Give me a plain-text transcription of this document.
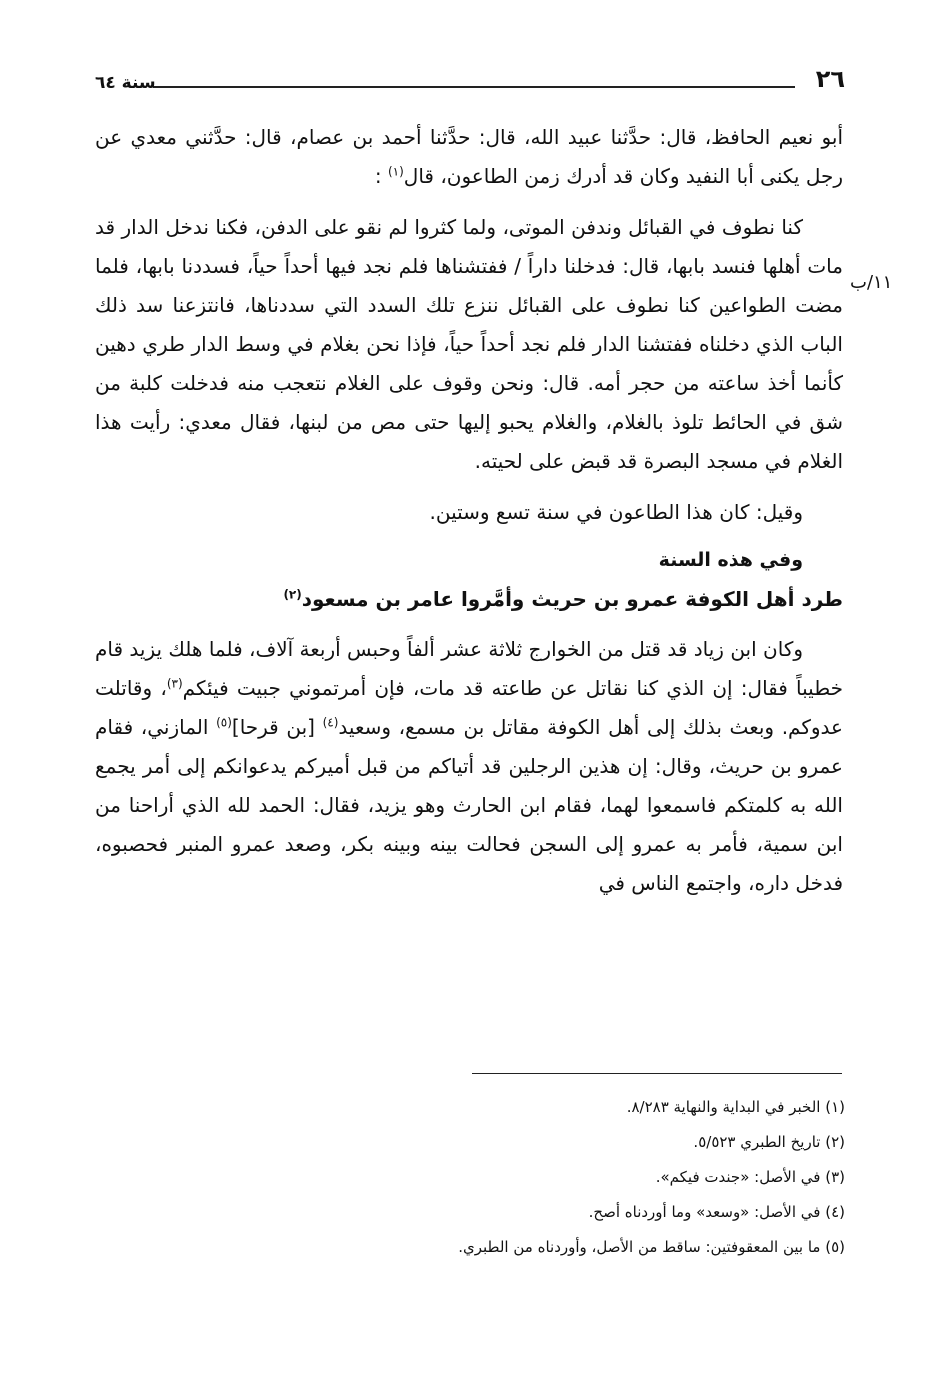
٢٦
سنة ٦٤
١١/ب

أبو نعيم الحافظ، قال: حدَّثنا عبيد الله، قال: حدَّثنا أحمد بن عصام، قال: حدَّثني معدي عن رجل يكنى أبا النفيد وكان قد أدرك زمن الطاعون، قال$^{(١)}$ :

كنا نطوف في القبائل وندفن الموتى، ولما كثروا لم نقو على الدفن، فكنا ندخل الدار قد مات أهلها فنسد بابها، قال: فدخلنا داراً / ففتشناها فلم نجد فيها أحداً حياً، فسددنا بابها، فلما مضت الطواعين كنا نطوف على القبائل ننزع تلك السدد التي سددناها، فانتزعنا سد ذلك الباب الذي دخلناه ففتشنا الدار فلم نجد أحداً حياً، فإذا نحن بغلام في وسط الدار طري دهين كأنما أخذ ساعته من حجر أمه. قال: ونحن وقوف على الغلام نتعجب منه فدخلت كلبة من شق في الحائط تلوذ بالغلام، والغلام يحبو إليها حتى مص من لبنها، فقال معدي: رأيت هذا الغلام في مسجد البصرة قد قبض على لحيته.

وقيل: كان هذا الطاعون في سنة تسع وستين.

وفي هذه السنة

طرد أهل الكوفة عمرو بن حريث وأمَّروا عامر بن مسعود$^{(٢)}$

وكان ابن زياد قد قتل من الخوارج ثلاثة عشر ألفاً وحبس أربعة آلاف، فلما هلك يزيد قام خطيباً فقال: إن الذي كنا نقاتل عن طاعته قد مات، فإن أمرتموني جبيت فيئكم$^{(٣)}$، وقاتلت عدوكم. وبعث بذلك إلى أهل الكوفة مقاتل بن مسمع، وسعيد$^{(٤)}$ [بن قرحا]$^{(٥)}$ المازني، فقام عمرو بن حريث، وقال: إن هذين الرجلين قد أتياكم من قبل أميركم يدعوانكم إلى أمر يجمع الله به كلمتكم فاسمعوا لهما، فقام ابن الحارث وهو يزيد، فقال: الحمد لله الذي أراحنا من ابن سمية، فأمر به عمرو إلى السجن فحالت بينه وبينه بكر، وصعد عمرو المنبر فحصبوه، فدخل داره، واجتمع الناس في

(١) الخبر في البداية والنهاية ٨/٢٨٣.

(٢) تاريخ الطبري ٥/٥٢٣.

(٣) في الأصل: «جندت فيكم».

(٤) في الأصل: «وسعد» وما أوردناه أصح.

(٥) ما بين المعقوفتين: ساقط من الأصل، وأوردناه من الطبري.
